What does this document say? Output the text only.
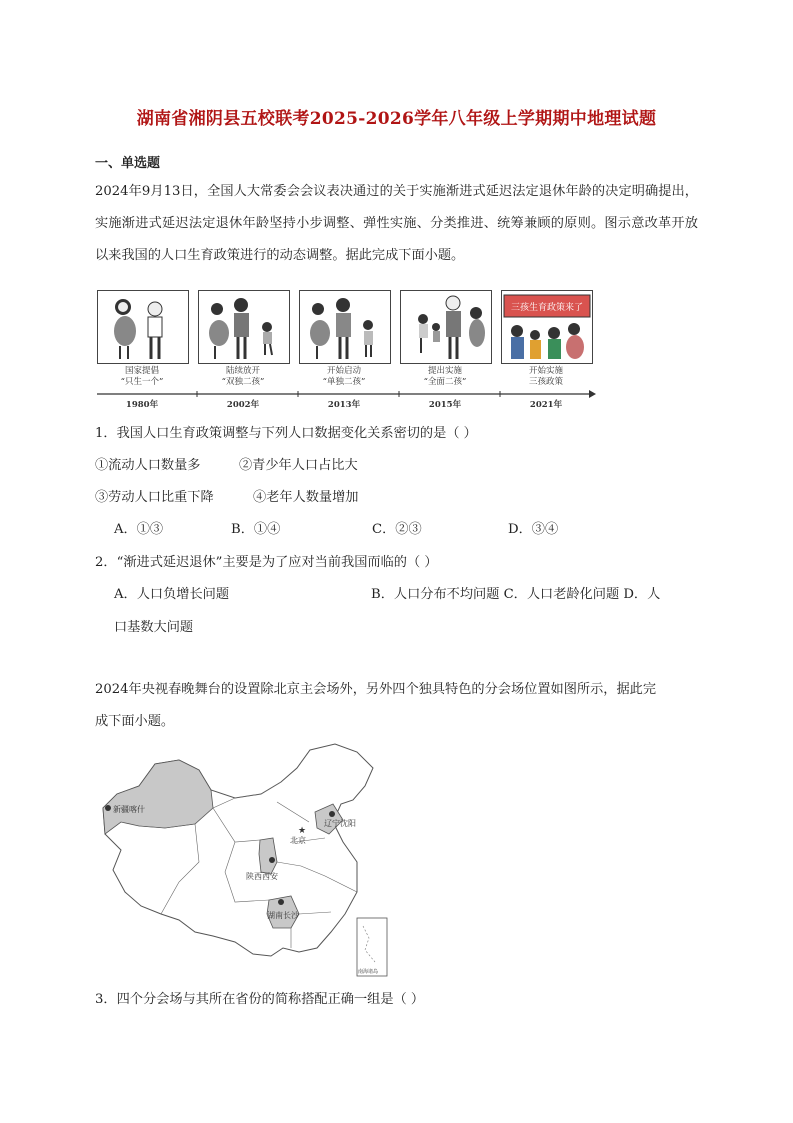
湖南省湘阴县五校联考2025-2026学年八年级上学期期中地理试题
一、单选题
2024年9月13日，全国人大常委会会议表决通过的关于实施渐进式延迟法定退休年龄的决定明确提出，实施渐进式延迟法定退休年龄坚持小步调整、弹性实施、分类推进、统筹兼顾的原则。图示意改革开放以来我国的人口生育政策进行的动态调整。据此完成下面小题。
三孩生育政策来了
国家提倡
“只生一个”
陆续放开
“双独二孩”
开始启动
“单独二孩”
提出实施
“全面二孩”
开始实施
三孩政策
1980年	2002年	2013年	2015年	2021年
1．我国人口生育政策调整与下列人口数据变化关系密切的是（ ）
①流动人口数量多	②青少年人口占比大
③劳动人口比重下降	④老年人数量增加
A．①③	B．①④	C．②③	D．③④
2．“渐进式延迟退休”主要是为了应对当前我国而临的（ ）
A．人口负增长问题	B．人口分布不均问题 C．人口老龄化问题 D．人
口基数大问题
2024年央视春晚舞台的设置除北京主会场外，另外四个独具特色的分会场位置如图所示，据此完
成下面小题。
★
新疆喀什
辽宁沈阳
北京
陕西西安
湖南长沙
南海诸岛
3．四个分会场与其所在省份的简称搭配正确一组是（ ）
